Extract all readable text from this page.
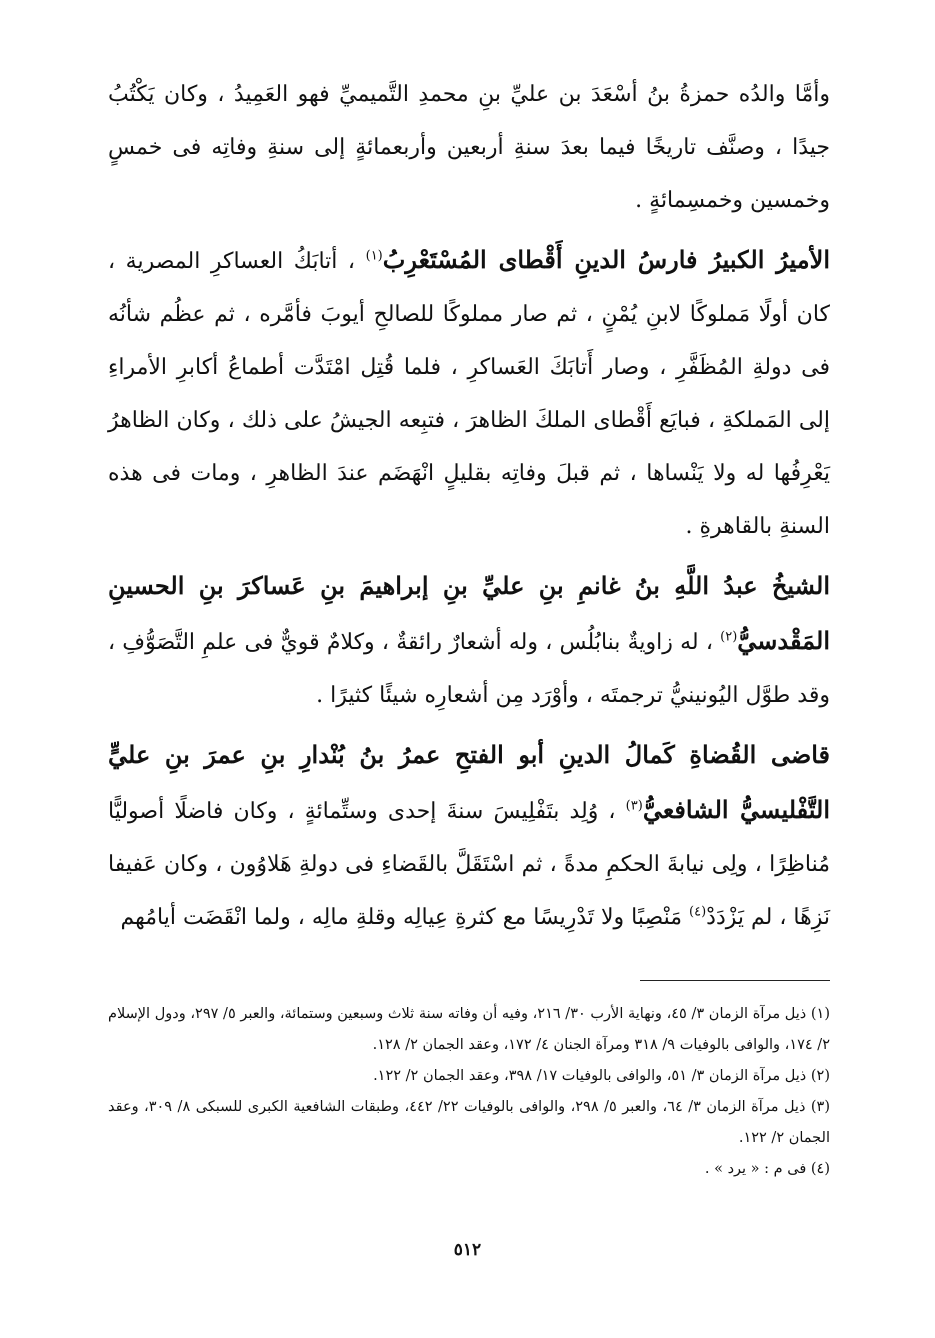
وأمَّا والدُه حمزةُ بنُ أسْعَدَ بن عليِّ بنِ محمدِ التَّميميِّ فهو العَمِيدُ ، وكان يَكْتُبُ جيدًا ، وصنَّف تاريخًا فيما بعدَ سنةِ أربعين وأربعمائةٍ إلى سنةِ وفاتِه فى خمسٍ وخمسين وخمسِمائةٍ .

الأميرُ الكبيرُ فارسُ الدينِ أَقْطاى المُسْتَعْرِبُ$^{(١)}$ ، أتابَكُ العساكرِ المصرية ، كان أولًا مَملوكًا لابنِ يُمْنٍ ، ثم صار مملوكًا للصالحِ أيوبَ فأمَّره ، ثم عظُم شأنُه فى دولةِ المُظَفَّرِ ، وصار أَتابَكَ العَساكرِ ، فلما قُتِل امْتَدَّت أطماعُ أكابرِ الأمراءِ إلى المَملكةِ ، فبايَع أَقْطاى الملكَ الظاهرَ ، فتبِعه الجيشُ على ذلك ، وكان الظاهرُ يَعْرِفُها له ولا يَنْساها ، ثم قبلَ وفاتِه بقليلٍ انْهَضَم عندَ الظاهرِ ، ومات فى هذه السنةِ بالقاهرةِ .

الشيخُ عبدُ اللَّهِ بنُ غانمِ بنِ عليِّ بنِ إبراهيمَ بنِ عَساكرَ بنِ الحسينِ المَقْدسيُّ$^{(٢)}$ ، له زاويةٌ بنابُلُس ، وله أشعارٌ رائقةٌ ، وكلامٌ قويٌّ فى علمِ التَّصَوُّفِ ، وقد طوَّل اليُونينيُّ ترجمتَه ، وأوْرَد مِن أشعارِه شيئًا كثيرًا .

قاضى القُضاةِ كَمالُ الدينِ أبو الفتحِ عمرُ بنُ بُنْدارِ بنِ عمرَ بنِ عليٍّ التَّفْليسيُّ الشافعيُّ$^{(٣)}$ ، وُلِد بتَفْلِيسَ سنةَ إحدى وستِّمائةٍ ، وكان فاضلًا أصوليًّا مُناظِرًا ، ولِى نيابةَ الحكمِ مدةً ، ثم اسْتَقَلَّ بالقَضاءِ فى دولةِ هَلاوُون ، وكان عَفيفا نَزِهًا ، لم يَزْدَدْ$^{(٤)}$ مَنْصِبًا ولا تَدْرِيسًا مع كثرةِ عِيالِه وقلةِ مالِه ، ولما انْقَضَت أيامُهم

(١) ذيل مرآة الزمان ٣/ ٤٥، ونهاية الأرب ٣٠/ ٢١٦، وفيه أن وفاته سنة ثلاث وسبعين وستمائة، والعبر ٥/ ٢٩٧، ودول الإسلام ٢/ ١٧٤، والوافى بالوفيات ٩/ ٣١٨ ومرآة الجنان ٤/ ١٧٢، وعقد الجمان ٢/ ١٢٨.

(٢) ذيل مرآة الزمان ٣/ ٥١، والوافى بالوفيات ١٧/ ٣٩٨، وعقد الجمان ٢/ ١٢٢.

(٣) ذيل مرآة الزمان ٣/ ٦٤، والعبر ٥/ ٢٩٨، والوافى بالوفيات ٢٢/ ٤٤٢، وطبقات الشافعية الكبرى للسبكى ٨/ ٣٠٩، وعقد الجمان ٢/ ١٢٢.

(٤) فى م : « يرد » .

٥١٢
